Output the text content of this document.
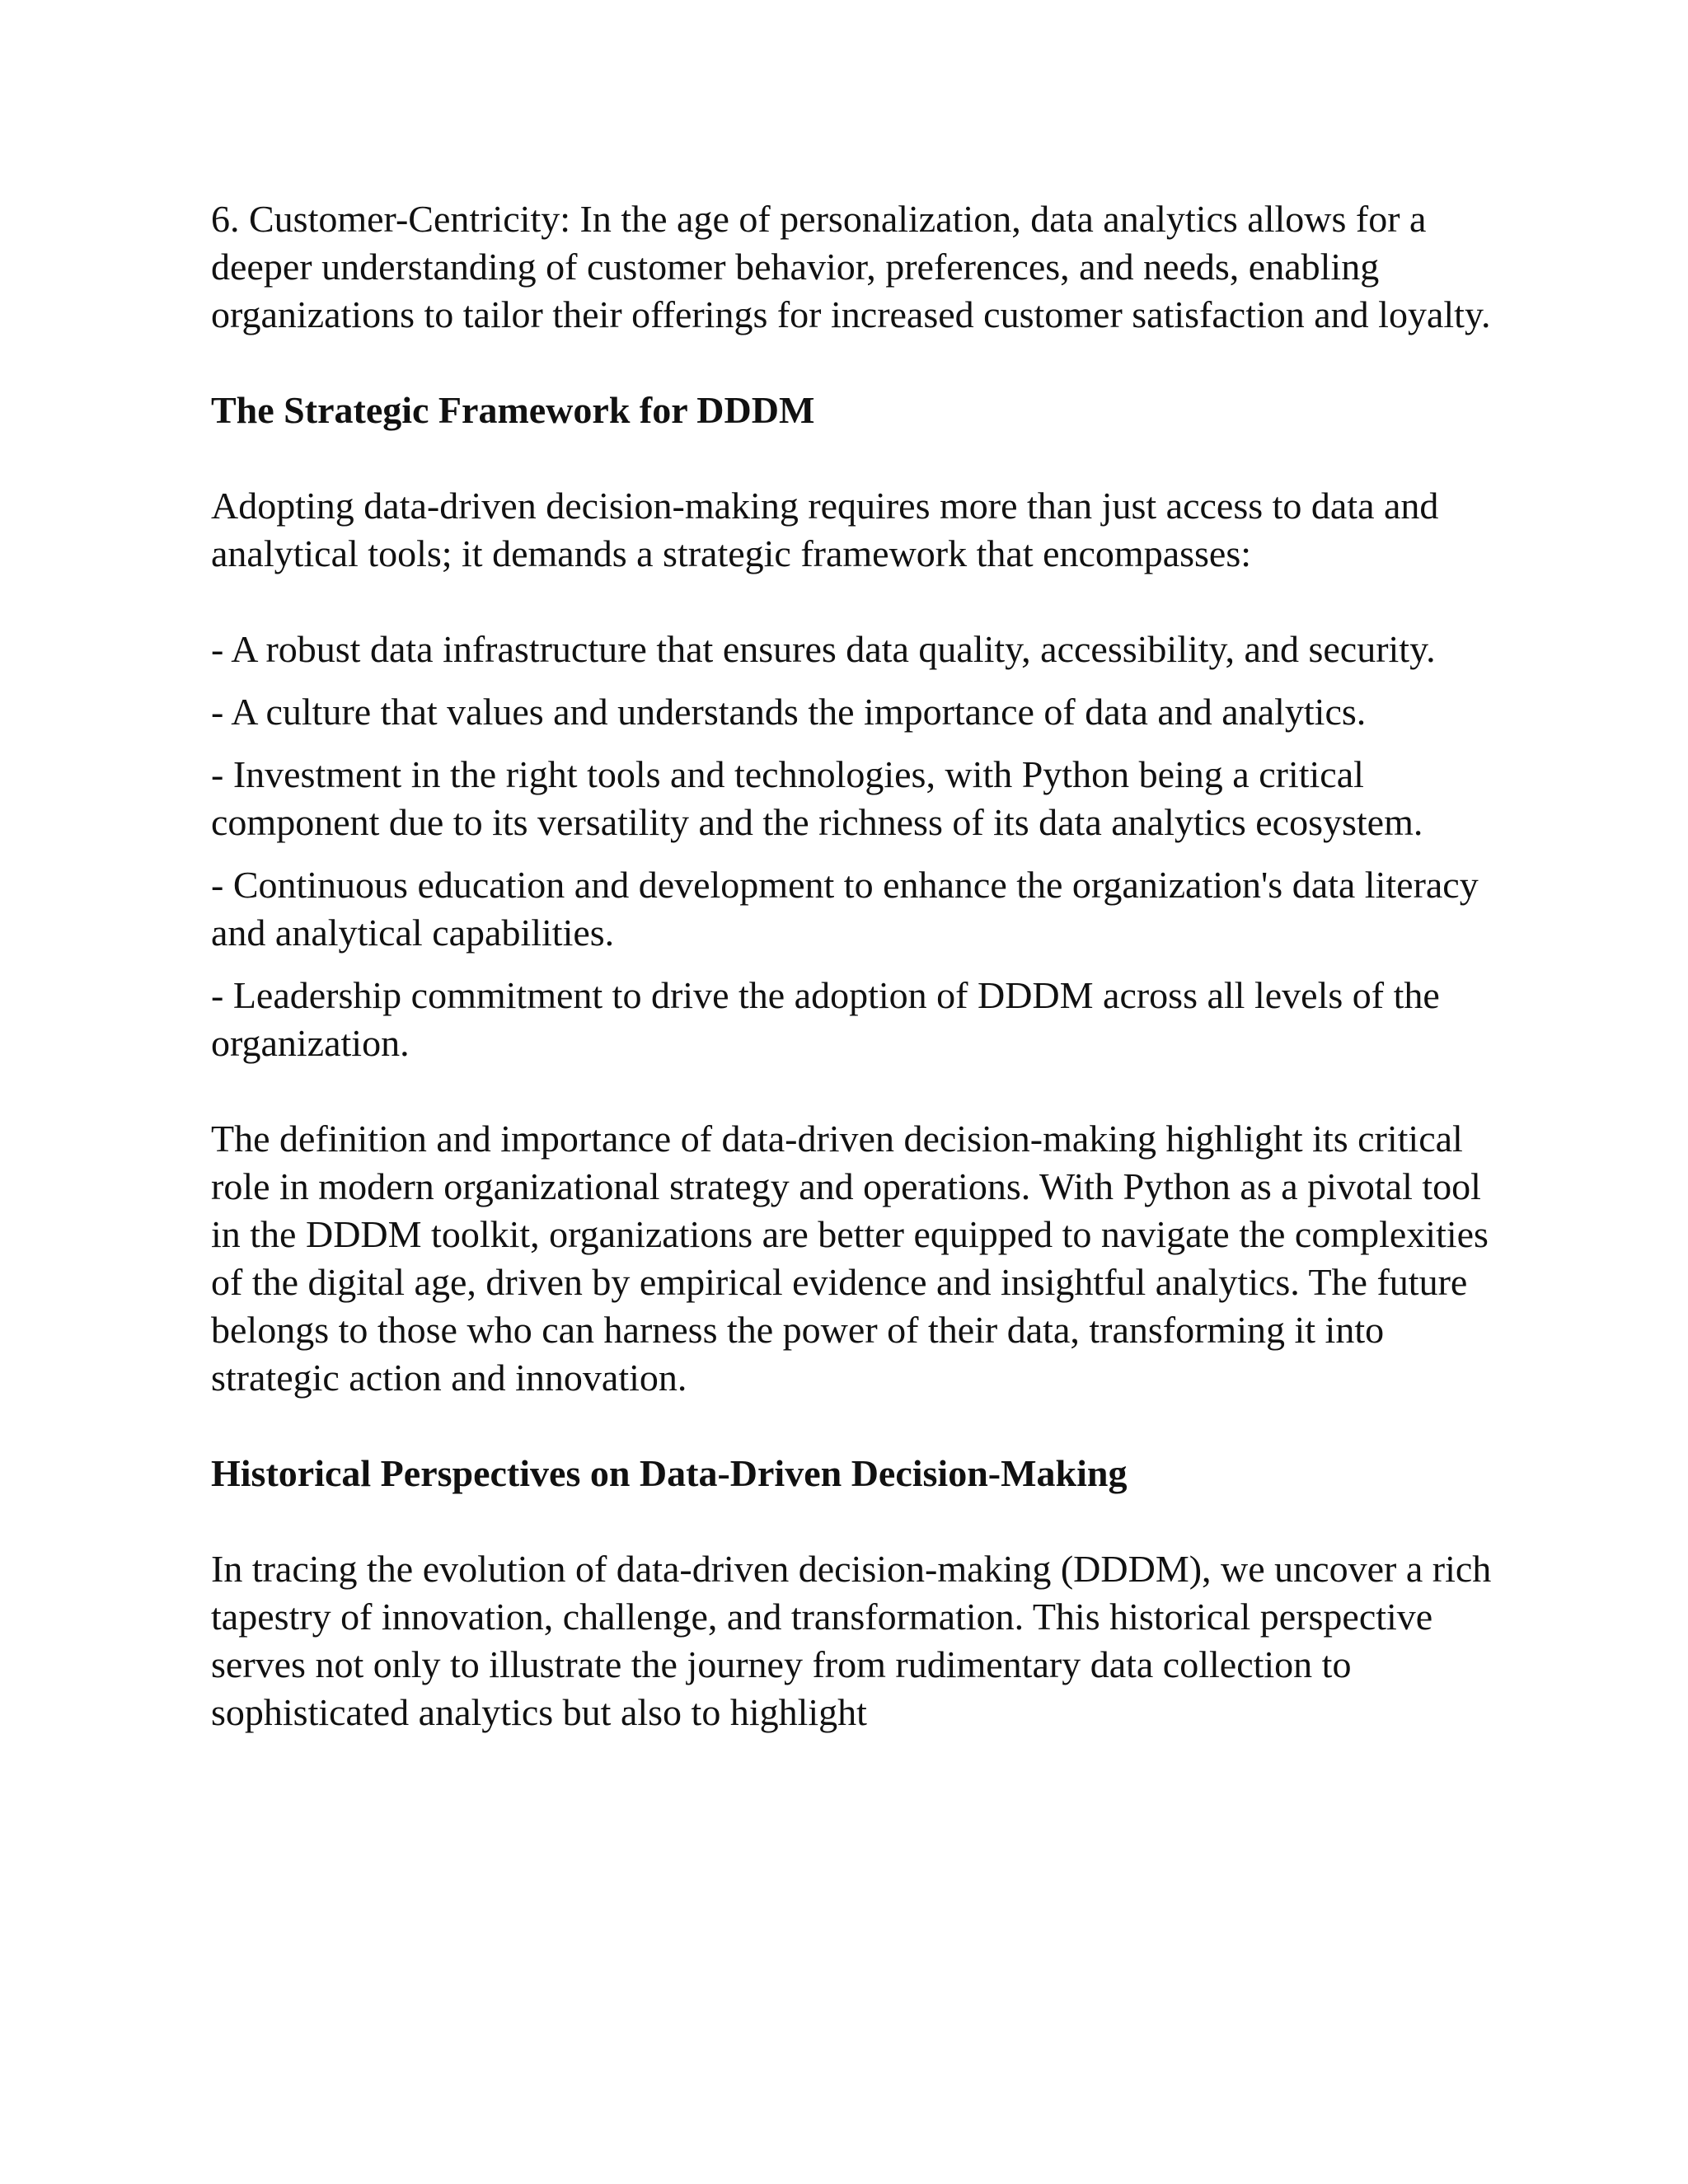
6. Customer-Centricity: In the age of personalization, data analytics allows for a deeper understanding of customer behavior, preferences, and needs, enabling organizations to tailor their offerings for increased customer satisfaction and loyalty.

The Strategic Framework for DDDM

Adopting data-driven decision-making requires more than just access to data and analytical tools; it demands a strategic framework that encompasses:

- A robust data infrastructure that ensures data quality, accessibility, and security.
- A culture that values and understands the importance of data and analytics.
- Investment in the right tools and technologies, with Python being a critical component due to its versatility and the richness of its data analytics ecosystem.
- Continuous education and development to enhance the organization's data literacy and analytical capabilities.
- Leadership commitment to drive the adoption of DDDM across all levels of the organization.

The definition and importance of data-driven decision-making highlight its critical role in modern organizational strategy and operations. With Python as a pivotal tool in the DDDM toolkit, organizations are better equipped to navigate the complexities of the digital age, driven by empirical evidence and insightful analytics. The future belongs to those who can harness the power of their data, transforming it into strategic action and innovation.

Historical Perspectives on Data-Driven Decision-Making

In tracing the evolution of data-driven decision-making (DDDM), we uncover a rich tapestry of innovation, challenge, and transformation. This historical perspective serves not only to illustrate the journey from rudimentary data collection to sophisticated analytics but also to highlight
